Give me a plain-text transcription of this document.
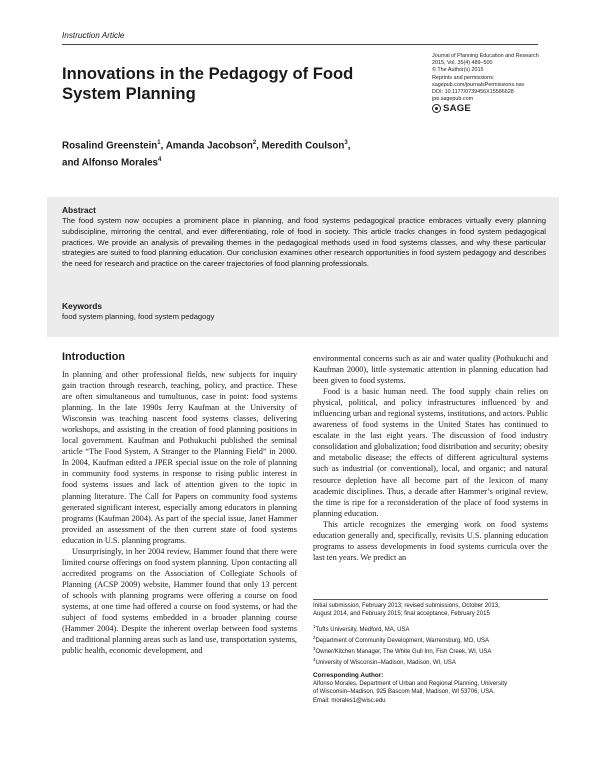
Instruction Article
Innovations in the Pedagogy of Food System Planning
Journal of Planning Education and Research
2015, Vol. 35(4) 489–500
© The Author(s) 2015
Reprints and permissions:
sagepub.com/journalsPermissions.nav
DOI: 10.1177/0739456X15586628
jpe.sagepub.com
SAGE
Rosalind Greenstein$^1$, Amanda Jacobson$^2$, Meredith Coulson$^3$,
and Alfonso Morales$^4$
Abstract

The food system now occupies a prominent place in planning, and food systems pedagogical practice embraces virtually every planning subdiscipline, mirroring the central, and ever differentiating, role of food in society. This article tracks changes in food system pedagogical practices. We provide an analysis of prevailing themes in the pedagogical methods used in food systems classes, and why these particular strategies are suited to food planning education. Our conclusion examines other research opportunities in food system pedagogy and describes the need for research and practice on the career trajectories of food planning professionals.

Keywords
food system planning, food system pedagogy
Introduction

In planning and other professional fields, new subjects for inquiry gain traction through research, teaching, policy, and practice. These are often simultaneous and tumultuous, case in point: food systems planning. In the late 1990s Jerry Kaufman at the University of Wisconsin was teaching nascent food systems classes, delivering workshops, and assisting in the creation of food planning positions in local government. Kaufman and Pothukuchi published the seminal article “The Food System, A Stranger to the Planning Field” in 2000. In 2004, Kaufman edited a JPER special issue on the role of planning in community food systems in response to rising public interest in food systems issues and lack of attention given to the topic in planning literature. The Call for Papers on community food systems generated significant interest, especially among educators in planning programs (Kaufman 2004). As part of the special issue, Janet Hammer provided an assessment of the then current state of food systems education in U.S. planning programs.

Unsurprisingly, in her 2004 review, Hammer found that there were limited course offerings on food system planning. Upon contacting all accredited programs on the Association of Collegiate Schools of Planning (ACSP 2009) website, Hammer found that only 13 percent of schools with planning programs were offering a course on food systems, at one time had offered a course on food systems, or had the subject of food systems embedded in a broader planning course (Hammer 2004). Despite the inherent overlap between food systems and traditional planning areas such as land use, transportation systems, public health, economic development, and

environmental concerns such as air and water quality (Pothukuchi and Kaufman 2000), little systematic attention in planning education had been given to food systems.

Food is a basic human need. The food supply chain relies on physical, political, and policy infrastructures influenced by and influencing urban and regional systems, institutions, and actors. Public awareness of food systems in the United States has continued to escalate in the last eight years. The discussion of food industry consolidation and globalization; food distribution and security; obesity and metabolic disease; the effects of different agricultural systems such as industrial (or conventional), local, and organic; and natural resource depletion have all become part of the lexicon of many academic disciplines. Thus, a decade after Hammer’s original review, the time is ripe for a reconsideration of the place of food systems in planning education.

This article recognizes the emerging work on food systems education generally and, specifically, revisits U.S. planning education programs to assess developments in food systems curricula over the last ten years. We predict an

Initial submission, February 2013; revised submissions, October 2013,
August 2014, and February 2015; final acceptance, February 2015
$^1$Tufts University, Medford, MA, USA
$^2$Department of Community Development, Warrensburg, MO, USA
$^3$Owner/Kitchen Manager, The White Gull Inn, Fish Creek, WI, USA
$^4$University of Wisconsin–Madison, Madison, WI, USA
Corresponding Author:
Alfonso Morales, Department of Urban and Regional Planning, University
of Wisconsin–Madison, 925 Bascom Mall, Madison, WI 53706, USA.
Email: morales1@wisc.edu
